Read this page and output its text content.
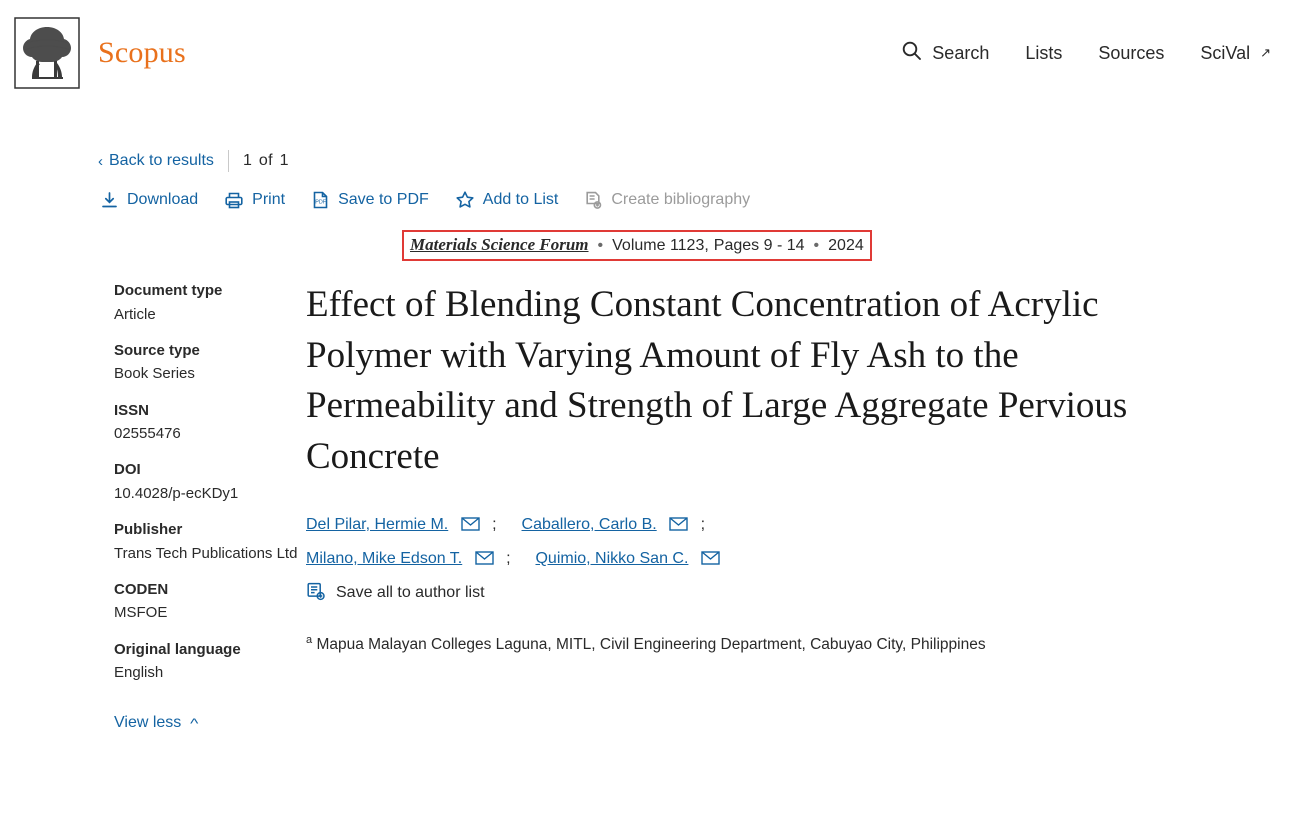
Scopus	Search Lists Sources SciVal ↗
‹ Back to results	1 of 1
Download	Print	PDF Save to PDF	Add to List	Create bibliography
Materials Science Forum • Volume 1123, Pages 9 - 14 • 2024
Document type
Article
Source type
Book Series
ISSN
02555476
DOI
10.4028/p-ecKDy1
Publisher
Trans Tech Publications Ltd
CODEN
MSFOE
Original language
English
View less ^
Effect of Blending Constant Concentration of Acrylic Polymer with Varying Amount of Fly Ash to the Permeability and Strength of Large Aggregate Pervious Concrete
Del Pilar, Hermie M.	; Caballero, Carlo B.	;
Milano, Mike Edson T.	; Quimio, Nikko San C.
Save all to author list
$^a$ Mapua Malayan Colleges Laguna, MITL, Civil Engineering Department, Cabuyao City, Philippines
